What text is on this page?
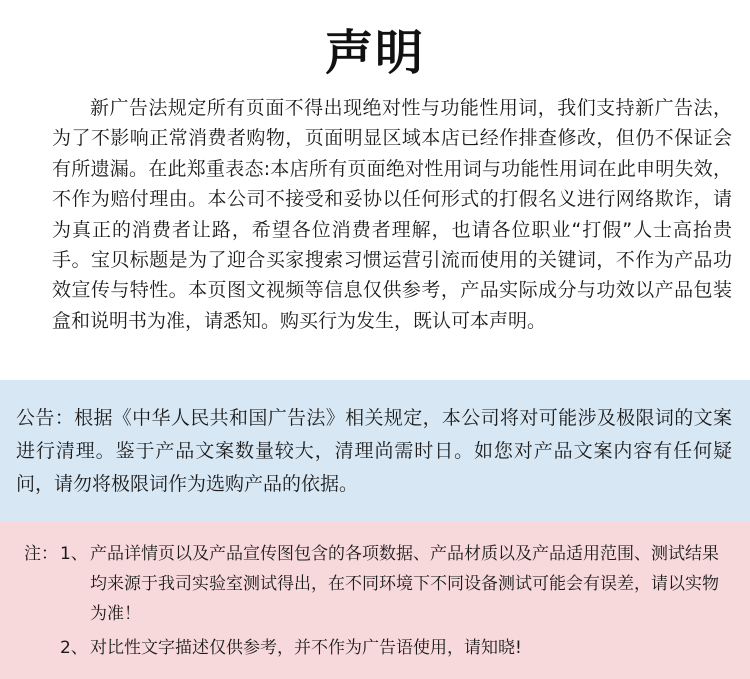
声明

新广告法规定所有页面不得出现绝对性与功能性用词，我们支持新广告法，为了不影响正常消费者购物，页面明显区域本店已经作排查修改，但仍不保证会有所遗漏。在此郑重表态:本店所有页面绝对性用词与功能性用词在此申明失效，不作为赔付理由。本公司不接受和妥协以任何形式的打假名义进行网络欺诈，请为真正的消费者让路，希望各位消费者理解，也请各位职业“打假”人士高抬贵手。宝贝标题是为了迎合买家搜索习惯运营引流而使用的关键词，不作为产品功效宣传与特性。本页图文视频等信息仅供参考，产品实际成分与功效以产品包装盒和说明书为准，请悉知。购买行为发生，既认可本声明。

公告：根据《中华人民共和国广告法》相关规定，本公司将对可能涉及极限词的文案进行清理。鉴于产品文案数量较大，清理尚需时日。如您对产品文案内容有任何疑问，请勿将极限词作为选购产品的依据。

注： 1、 产品详情页以及产品宣传图包含的各项数据、产品材质以及产品适用范围、测试结果均来源于我司实验室测试得出，在不同环境下不同设备测试可能会有误差，请以实物为准！

2、 对比性文字描述仅供参考，并不作为广告语使用，请知晓!
